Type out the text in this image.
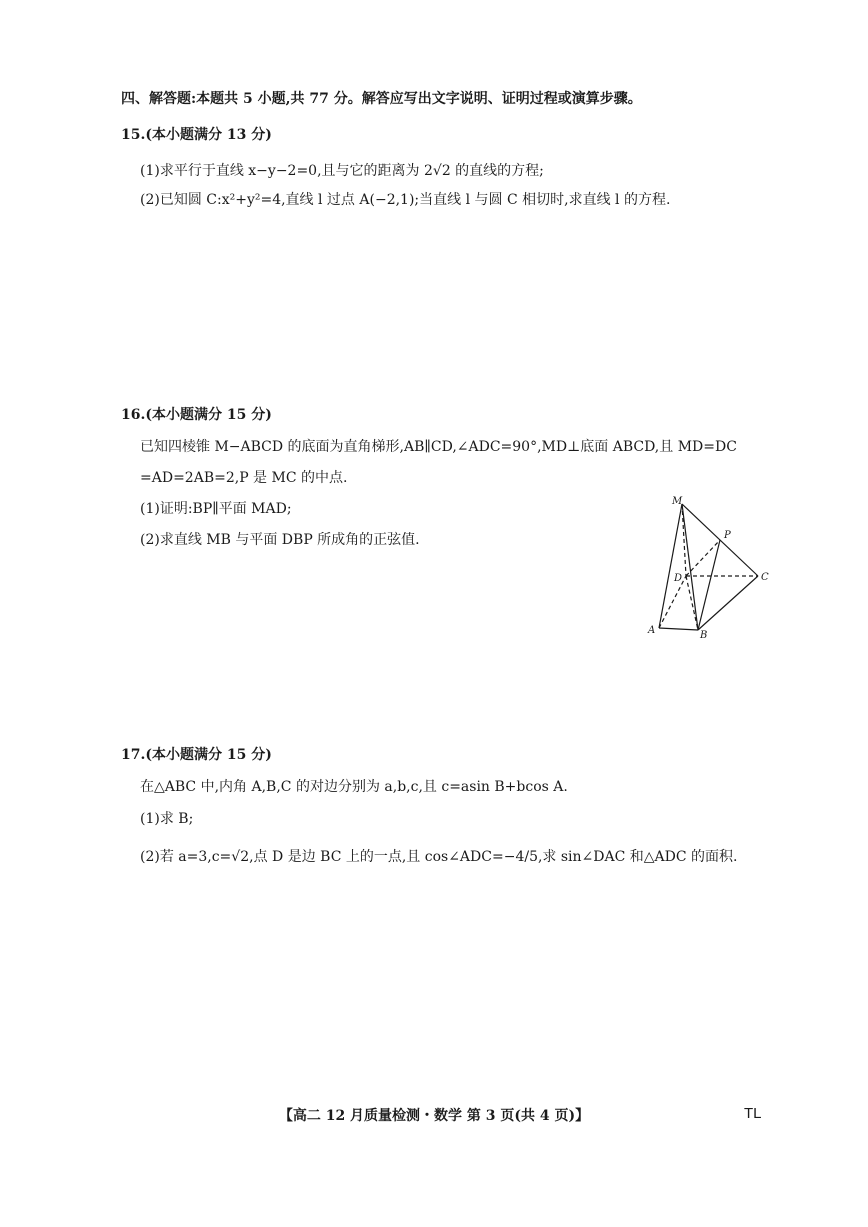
四、解答题:本题共 5 小题,共 77 分。解答应写出文字说明、证明过程或演算步骤。
15.(本小题满分 13 分)
(1)求平行于直线 x−y−2=0,且与它的距离为 2√2 的直线的方程;
(2)已知圆 C:x²+y²=4,直线 l 过点 A(−2,1);当直线 l 与圆 C 相切时,求直线 l 的方程.
16.(本小题满分 15 分)
已知四棱锥 M−ABCD 的底面为直角梯形,AB∥CD,∠ADC=90°,MD⊥底面 ABCD,且 MD=DC
=AD=2AB=2,P 是 MC 的中点.
(1)证明:BP∥平面 MAD;
(2)求直线 MB 与平面 DBP 所成角的正弦值.
M
P
D	C
A	B
17.(本小题满分 15 分)
在△ABC 中,内角 A,B,C 的对边分别为 a,b,c,且 c=asin B+bcos A.
(1)求 B;
(2)若 a=3,c=√2,点 D 是边 BC 上的一点,且 cos∠ADC=−4/5,求 sin∠DAC 和△ADC 的面积.
【高二 12 月质量检测・数学 第 3 页(共 4 页)】	TL
